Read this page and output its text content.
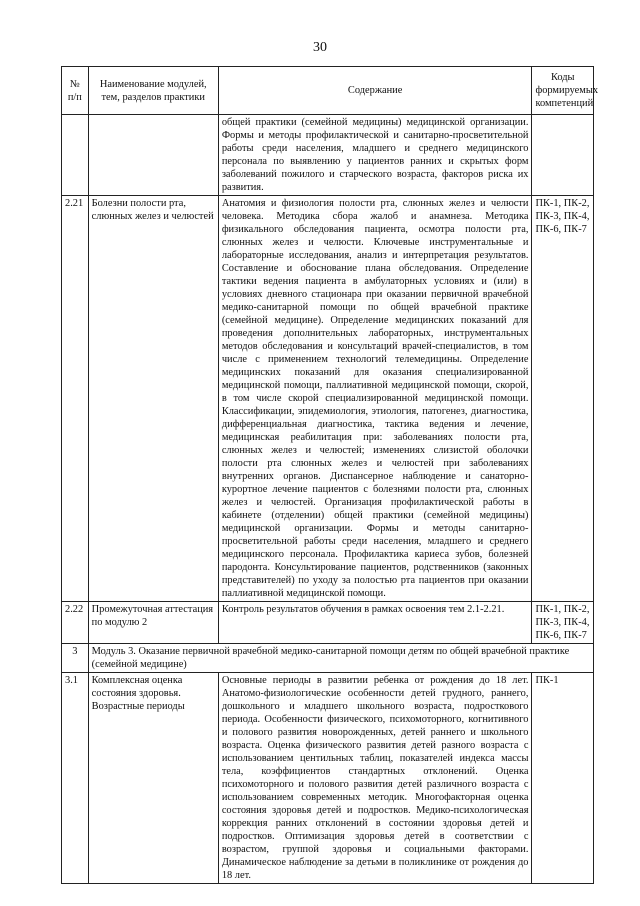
30
№ п/п	Наименование модулей, тем, разделов практики	Содержание	Коды формируемых компетенций
		общей практики (семейной медицины) медицинской организации. Формы и методы профилактической и санитарно-просветительной работы среди населения, младшего и среднего медицинского персонала по выявлению у пациентов ранних и скрытых форм заболеваний пожилого и старческого возраста, факторов риска их развития.	
2.21	Болезни полости рта, слюнных желез и челюстей	Анатомия и физиология полости рта, слюнных желез и челюсти человека. Методика сбора жалоб и анамнеза. Методика физикального обследования пациента, осмотра полости рта, слюнных желез и челюсти. Ключевые инструментальные и лабораторные исследования, анализ и интерпретация результатов. Составление и обоснование плана обследования. Определение тактики ведения пациента в амбулаторных условиях и (или) в условиях дневного стационара при оказании первичной врачебной медико-санитарной помощи по общей врачебной практике (семейной медицине). Определение медицинских показаний для проведения дополнительных лабораторных, инструментальных методов обследования и консультаций врачей-специалистов, в том числе с применением технологий телемедицины. Определение медицинских показаний для оказания специализированной медицинской помощи, паллиативной медицинской помощи, скорой, в том числе скорой специализированной медицинской помощи. Классификации, эпидемиология, этиология, патогенез, диагностика, дифференциальная диагностика, тактика ведения и лечение, медицинская реабилитация при: заболеваниях полости рта, слюнных желез и челюстей; изменениях слизистой оболочки полости рта слюнных желез и челюстей при заболеваниях внутренних органов. Диспансерное наблюдение и санаторно-курортное лечение пациентов с болезнями полости рта, слюнных желез и челюстей. Организация профилактической работы в кабинете (отделении) общей практики (семейной медицины) медицинской организации. Формы и методы санитарно-просветительной работы среди населения, младшего и среднего медицинского персонала. Профилактика кариеса зубов, болезней пародонта. Консультирование пациентов, родственников (законных представителей) по уходу за полостью рта пациентов при оказании паллиативной медицинской помощи.	ПК-1, ПК-2, ПК-3, ПК-4, ПК-6, ПК-7
2.22	Промежуточная аттестация по модулю 2	Контроль результатов обучения в рамках освоения тем 2.1-2.21.	ПК-1, ПК-2, ПК-3, ПК-4, ПК-6, ПК-7
3	Модуль 3. Оказание первичной врачебной медико-санитарной помощи детям по общей врачебной практике (семейной медицине)		
3.1	Комплексная оценка состояния здоровья. Возрастные периоды	Основные периоды в развитии ребенка от рождения до 18 лет. Анатомо-физиологические особенности детей грудного, раннего, дошкольного и младшего школьного возраста, подросткового периода. Особенности физического, психомоторного, когнитивного и полового развития новорожденных, детей раннего и школьного возраста. Оценка физического развития детей разного возраста с использованием центильных таблиц, показателей индекса массы тела, коэффициентов стандартных отклонений. Оценка психомоторного и полового развития детей различного возраста с использованием современных методик. Многофакторная оценка состояния здоровья детей и подростков. Медико-психологическая коррекция ранних отклонений в состоянии здоровья детей и подростков. Оптимизация здоровья детей в соответствии с возрастом, группой здоровья и социальными факторами. Динамическое наблюдение за детьми в поликлинике от рождения до 18 лет.	ПК-1
